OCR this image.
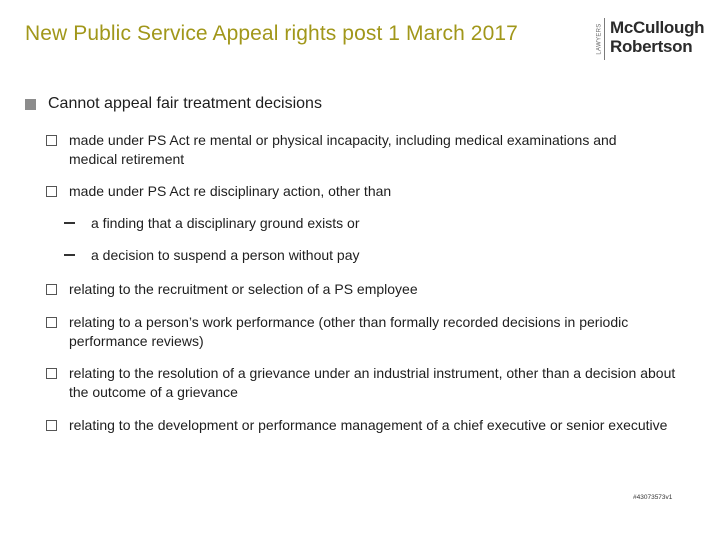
New Public Service Appeal rights post 1 March 2017	LAWYERS McCullough
Robertson
Cannot appeal fair treatment decisions
made under PS Act re mental or physical incapacity, including medical examinations and medical retirement
made under PS Act re disciplinary action, other than
a finding that a disciplinary ground exists or
a decision to suspend a person without pay
relating to the recruitment or selection of a PS employee
relating to a person’s work performance (other than formally recorded decisions in periodic performance reviews)
relating to the resolution of a grievance under an industrial instrument, other than a decision about the outcome of a grievance
relating to the development or performance management of a chief executive or senior executive
#43073573v1
